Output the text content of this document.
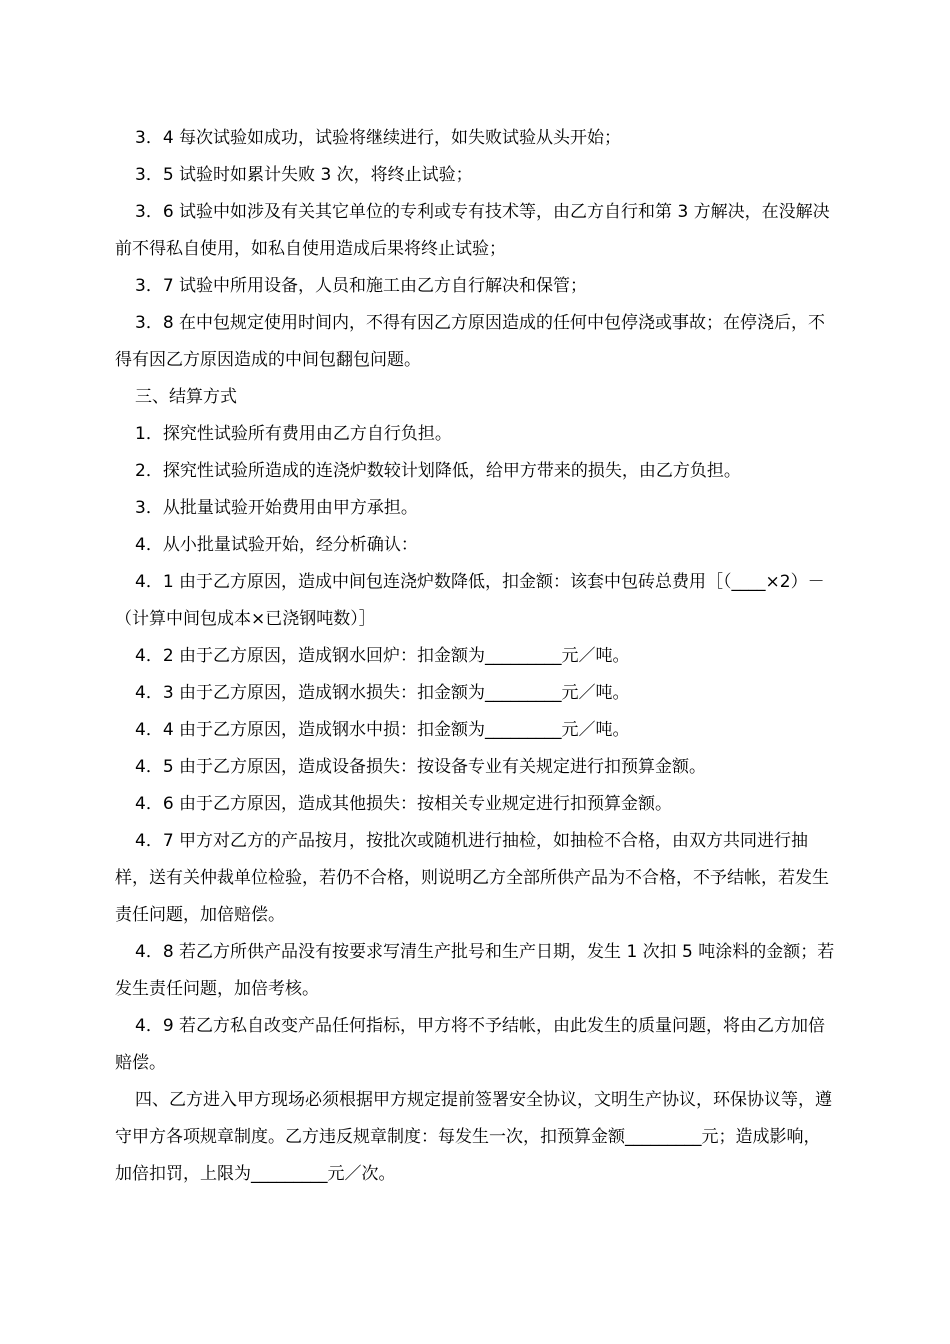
3．4 每次试验如成功，试验将继续进行，如失败试验从头开始；

3．5 试验时如累计失败 3 次，将终止试验；

3．6 试验中如涉及有关其它单位的专利或专有技术等，由乙方自行和第 3 方解决，在没解决前不得私自使用，如私自使用造成后果将终止试验；

3．7 试验中所用设备，人员和施工由乙方自行解决和保管；

3．8 在中包规定使用时间内，不得有因乙方原因造成的任何中包停浇或事故；在停浇后，不得有因乙方原因造成的中间包翻包问题。

三、结算方式

1．探究性试验所有费用由乙方自行负担。

2．探究性试验所造成的连浇炉数较计划降低，给甲方带来的损失，由乙方负担。

3．从批量试验开始费用由甲方承担。

4．从小批量试验开始，经分析确认：

4．1 由于乙方原因，造成中间包连浇炉数降低，扣金额：该套中包砖总费用［（____×2）－（计算中间包成本×已浇钢吨数）］

4．2 由于乙方原因，造成钢水回炉：扣金额为_________元／吨。

4．3 由于乙方原因，造成钢水损失：扣金额为_________元／吨。

4．4 由于乙方原因，造成钢水中损：扣金额为_________元／吨。

4．5 由于乙方原因，造成设备损失：按设备专业有关规定进行扣预算金额。

4．6 由于乙方原因，造成其他损失：按相关专业规定进行扣预算金额。

4．7 甲方对乙方的产品按月，按批次或随机进行抽检，如抽检不合格，由双方共同进行抽样，送有关仲裁单位检验，若仍不合格，则说明乙方全部所供产品为不合格，不予结帐，若发生责任问题，加倍赔偿。

4．8 若乙方所供产品没有按要求写清生产批号和生产日期，发生 1 次扣 5 吨涂料的金额；若发生责任问题，加倍考核。

4．9 若乙方私自改变产品任何指标，甲方将不予结帐，由此发生的质量问题，将由乙方加倍赔偿。

四、乙方进入甲方现场必须根据甲方规定提前签署安全协议，文明生产协议，环保协议等，遵守甲方各项规章制度。乙方违反规章制度：每发生一次，扣预算金额_________元；造成影响，加倍扣罚，上限为_________元／次。
